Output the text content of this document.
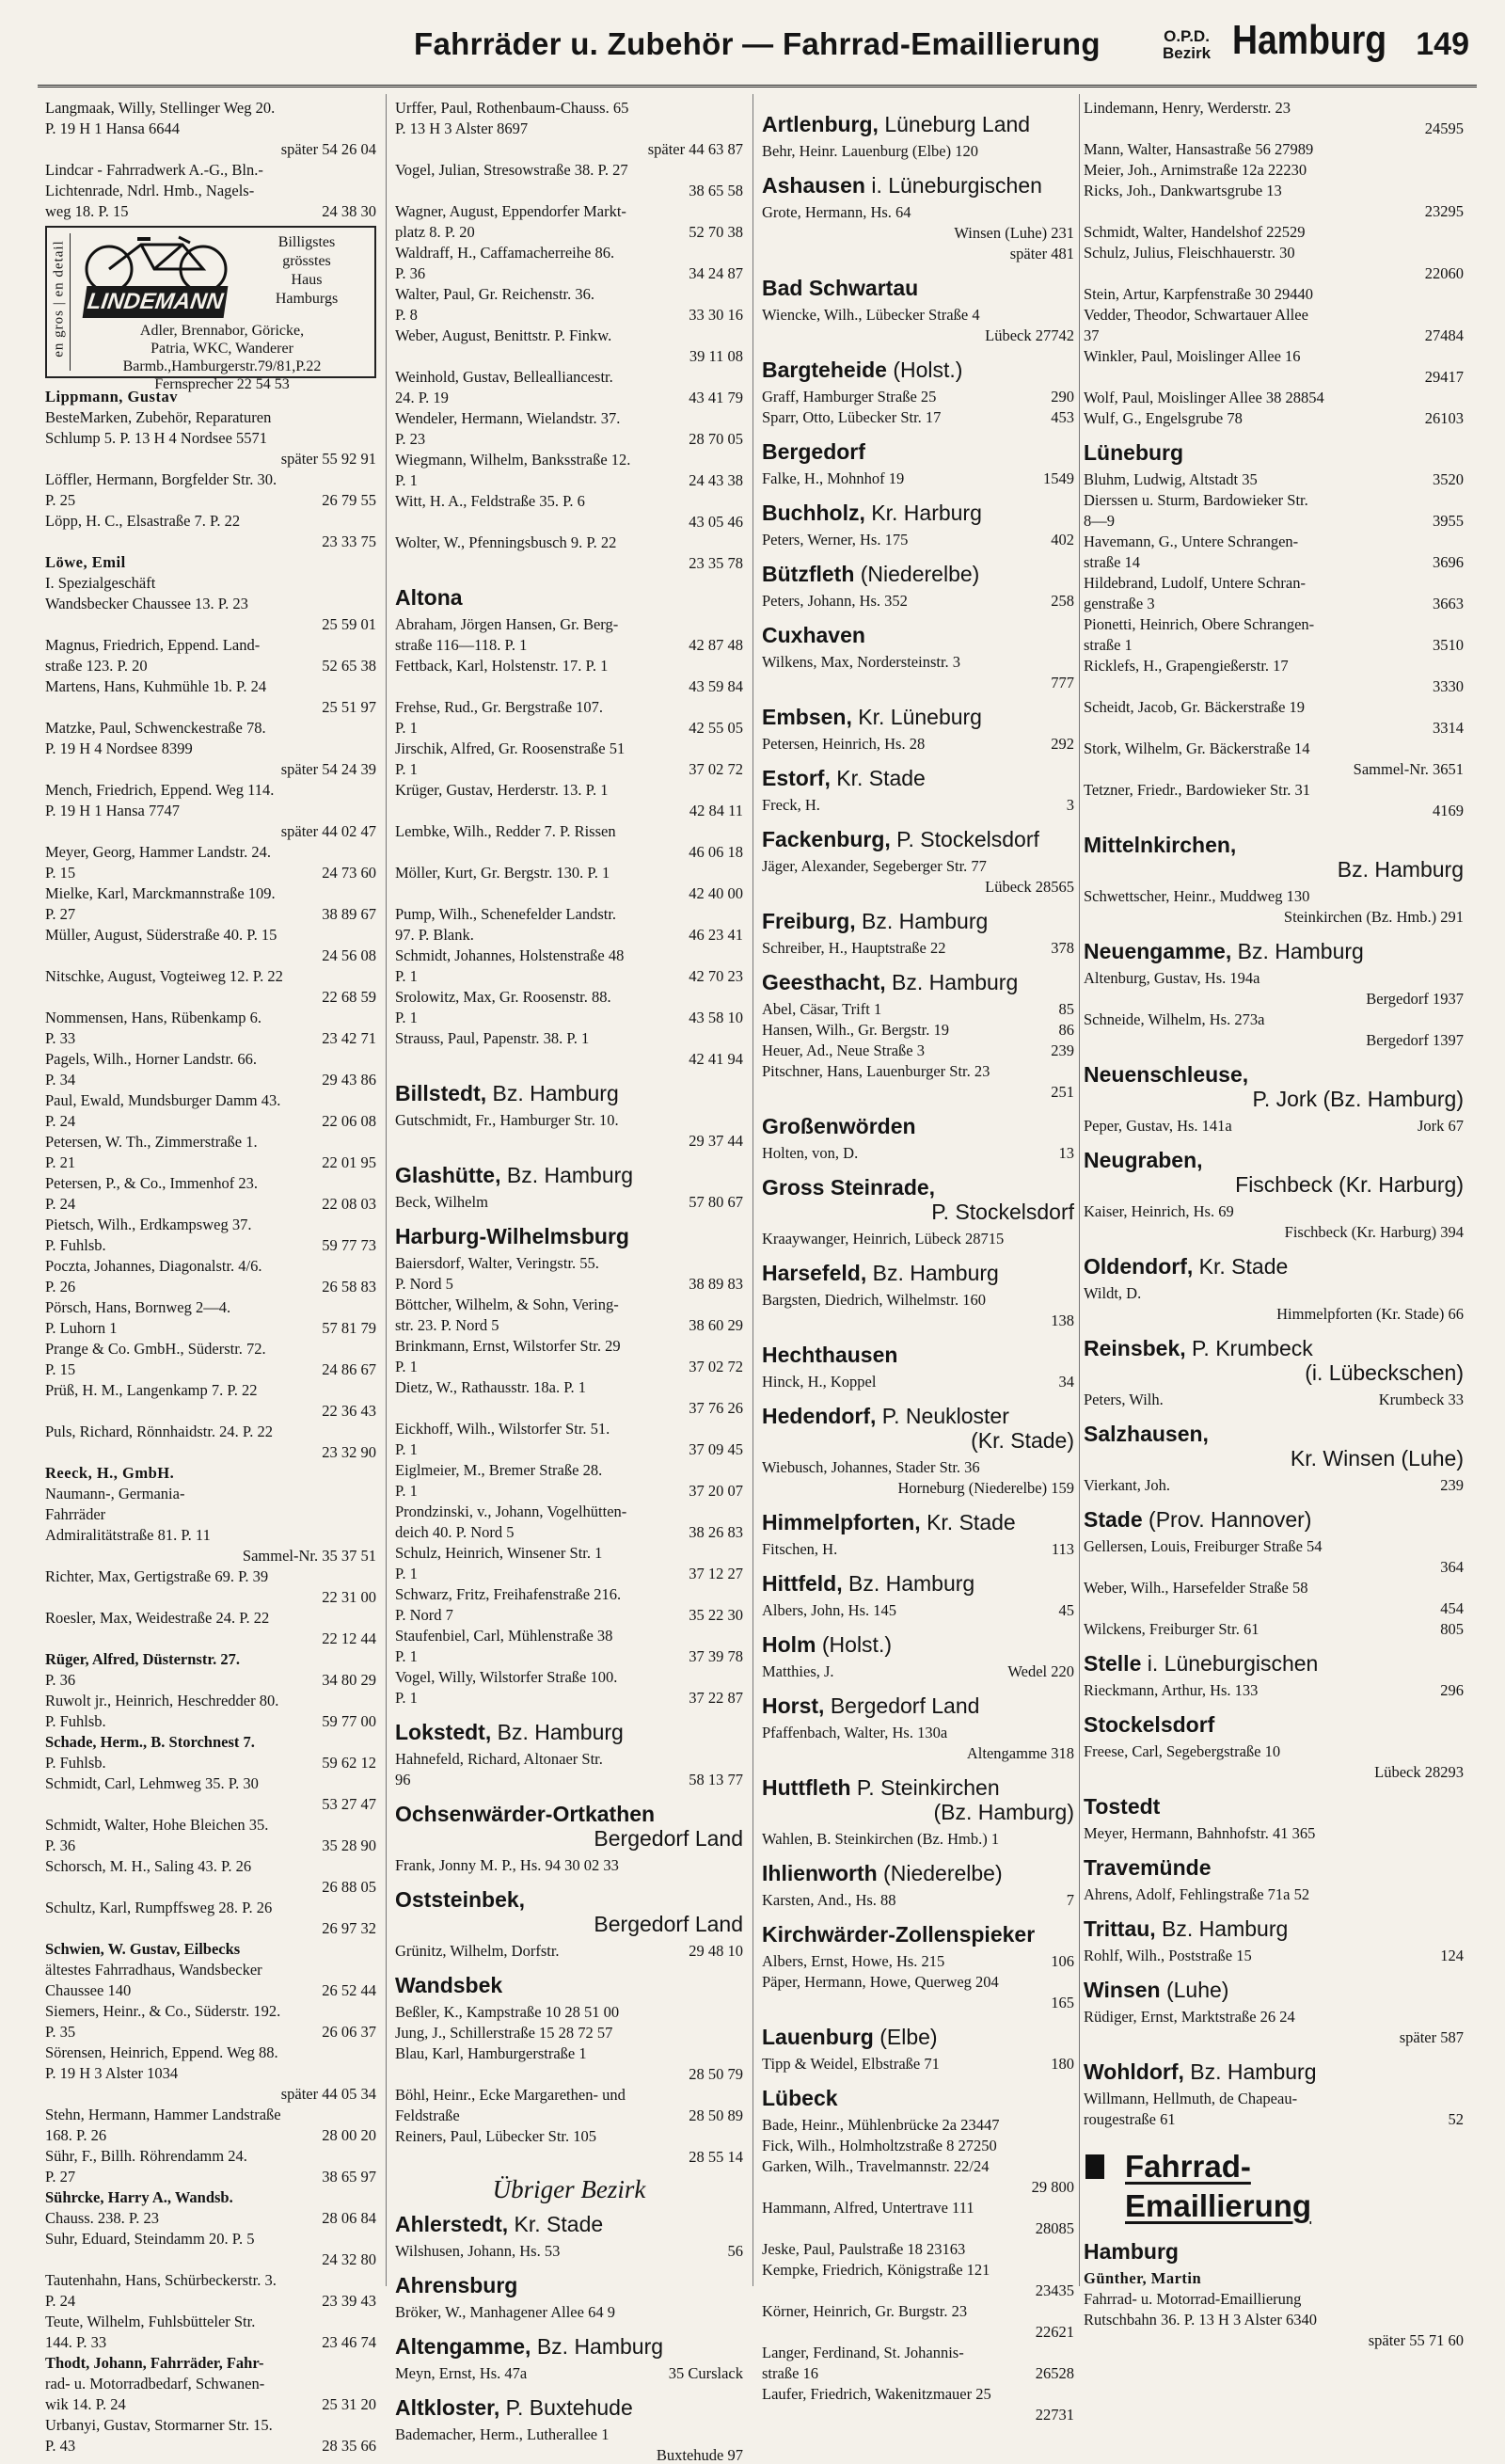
Fahrräder u. Zubehör — Fahrrad-Emaillierung	O.P.D.
Bezirk Hamburg 149
Langmaak, Willy, Stellinger Weg 20.
P. 19 H 1 Hansa 6644
später 54 26 04
Lindcar - Fahrradwerk A.-G., Bln.-
Lichtenrade, Ndrl. Hmb., Nagels-
weg 18. P. 15	24 38 30
en gros | en detail LINDEMANN
Billigstes
grösstes
Haus
Hamburgs
Adler, Brennabor, Göricke,
Patria, WKC, Wanderer
Barmb.,Hamburgerstr.79/81,P.22
Fernsprecher 22 54 53
Lippmann, Gustav
BesteMarken, Zubehör, Reparaturen
Schlump 5. P. 13 H 4 Nordsee 5571
später 55 92 91
Löffler, Hermann, Borgfelder Str. 30.
P. 25	26 79 55
Löpp, H. C., Elsastraße 7. P. 22
23 33 75
Löwe, Emil
I. Spezialgeschäft
Wandsbecker Chaussee 13. P. 23
25 59 01
Magnus, Friedrich, Eppend. Land-
straße 123. P. 20	52 65 38
Martens, Hans, Kuhmühle 1b. P. 24
25 51 97
Matzke, Paul, Schwenckestraße 78.
P. 19 H 4 Nordsee 8399
später 54 24 39
Mench, Friedrich, Eppend. Weg 114.
P. 19 H 1 Hansa 7747
später 44 02 47
Meyer, Georg, Hammer Landstr. 24.
P. 15	24 73 60
Mielke, Karl, Marckmannstraße 109.
P. 27	38 89 67
Müller, August, Süderstraße 40. P. 15
24 56 08
Nitschke, August, Vogteiweg 12. P. 22
22 68 59
Nommensen, Hans, Rübenkamp 6.
P. 33	23 42 71
Pagels, Wilh., Horner Landstr. 66.
P. 34	29 43 86
Paul, Ewald, Mundsburger Damm 43.
P. 24	22 06 08
Petersen, W. Th., Zimmerstraße 1.
P. 21	22 01 95
Petersen, P., & Co., Immenhof 23.
P. 24	22 08 03
Pietsch, Wilh., Erdkampsweg 37.
P. Fuhlsb.	59 77 73
Poczta, Johannes, Diagonalstr. 4/6.
P. 26	26 58 83
Pörsch, Hans, Bornweg 2—4.
P. Luhorn 1	57 81 79
Prange & Co. GmbH., Süderstr. 72.
P. 15	24 86 67
Prüß, H. M., Langenkamp 7. P. 22
22 36 43
Puls, Richard, Rönnhaidstr. 24. P. 22
23 32 90
Reeck, H., GmbH.
Naumann-, Germania-
Fahrräder
Admiralitätstraße 81. P. 11
Sammel-Nr. 35 37 51
Richter, Max, Gertigstraße 69. P. 39
22 31 00
Roesler, Max, Weidestraße 24. P. 22
22 12 44
Rüger, Alfred, Düsternstr. 27.
P. 36	34 80 29
Ruwolt jr., Heinrich, Heschredder 80.
P. Fuhlsb.	59 77 00
Schade, Herm., B. Storchnest 7.
P. Fuhlsb.	59 62 12
Schmidt, Carl, Lehmweg 35. P. 30
53 27 47
Schmidt, Walter, Hohe Bleichen 35.
P. 36	35 28 90
Schorsch, M. H., Saling 43. P. 26
26 88 05
Schultz, Karl, Rumpffsweg 28. P. 26
26 97 32
Schwien, W. Gustav, Eilbecks
ältestes Fahrradhaus, Wandsbecker
Chaussee 140	26 52 44
Siemers, Heinr., & Co., Süderstr. 192.
P. 35	26 06 37
Sörensen, Heinrich, Eppend. Weg 88.
P. 19 H 3 Alster 1034
später 44 05 34
Stehn, Hermann, Hammer Landstraße
168. P. 26	28 00 20
Sühr, F., Billh. Röhrendamm 24.
P. 27	38 65 97
Sührcke, Harry A., Wandsb.
Chauss. 238. P. 23	28 06 84
Suhr, Eduard, Steindamm 20. P. 5
24 32 80
Tautenhahn, Hans, Schürbeckerstr. 3.
P. 24	23 39 43
Teute, Wilhelm, Fuhlsbütteler Str.
144. P. 33	23 46 74
Thodt, Johann, Fahrräder, Fahr-
rad- u. Motorradbedarf, Schwanen-
wik 14. P. 24	25 31 20
Urbanyi, Gustav, Stormarner Str. 15.
P. 43	28 35 66
Urffer, Paul, Rothenbaum-Chauss. 65
P. 13 H 3 Alster 8697
später 44 63 87
Vogel, Julian, Stresowstraße 38. P. 27
38 65 58
Wagner, August, Eppendorfer Markt-
platz 8. P. 20	52 70 38
Waldraff, H., Caffamacherreihe 86.
P. 36	34 24 87
Walter, Paul, Gr. Reichenstr. 36.
P. 8	33 30 16
Weber, August, Benittstr. P. Finkw.
39 11 08
Weinhold, Gustav, Bellealliancestr.
24. P. 19	43 41 79
Wendeler, Hermann, Wielandstr. 37.
P. 23	28 70 05
Wiegmann, Wilhelm, Banksstraße 12.
P. 1	24 43 38
Witt, H. A., Feldstraße 35. P. 6
43 05 46
Wolter, W., Pfenningsbusch 9. P. 22
23 35 78
Altona
Abraham, Jörgen Hansen, Gr. Berg-
straße 116—118. P. 1	42 87 48
Fettback, Karl, Holstenstr. 17. P. 1
43 59 84
Frehse, Rud., Gr. Bergstraße 107.
P. 1	42 55 05
Jirschik, Alfred, Gr. Roosenstraße 51
P. 1	37 02 72
Krüger, Gustav, Herderstr. 13. P. 1
42 84 11
Lembke, Wilh., Redder 7. P. Rissen
46 06 18
Möller, Kurt, Gr. Bergstr. 130. P. 1
42 40 00
Pump, Wilh., Schenefelder Landstr.
97. P. Blank.	46 23 41
Schmidt, Johannes, Holstenstraße 48
P. 1	42 70 23
Srolowitz, Max, Gr. Roosenstr. 88.
P. 1	43 58 10
Strauss, Paul, Papenstr. 38. P. 1
42 41 94
Billstedt, Bz. Hamburg
Gutschmidt, Fr., Hamburger Str. 10.
29 37 44
Glashütte, Bz. Hamburg
Beck, Wilhelm	57 80 67
Harburg-Wilhelmsburg
Baiersdorf, Walter, Veringstr. 55.
P. Nord 5	38 89 83
Böttcher, Wilhelm, & Sohn, Vering-
str. 23. P. Nord 5	38 60 29
Brinkmann, Ernst, Wilstorfer Str. 29
P. 1	37 02 72
Dietz, W., Rathausstr. 18a. P. 1
37 76 26
Eickhoff, Wilh., Wilstorfer Str. 51.
P. 1	37 09 45
Eiglmeier, M., Bremer Straße 28.
P. 1	37 20 07
Prondzinski, v., Johann, Vogelhütten-
deich 40. P. Nord 5	38 26 83
Schulz, Heinrich, Winsener Str. 1
P. 1	37 12 27
Schwarz, Fritz, Freihafenstraße 216.
P. Nord 7	35 22 30
Staufenbiel, Carl, Mühlenstraße 38
P. 1	37 39 78
Vogel, Willy, Wilstorfer Straße 100.
P. 1	37 22 87
Lokstedt, Bz. Hamburg
Hahnefeld, Richard, Altonaer Str.
96	58 13 77
Ochsenwärder-Ortkathen
Bergedorf Land
Frank, Jonny M. P., Hs. 94 30 02 33
Oststeinbek,
Bergedorf Land
Grünitz, Wilhelm, Dorfstr.	29 48 10
Wandsbek
Beßler, K., Kampstraße 10 28 51 00
Jung, J., Schillerstraße 15 28 72 57
Blau, Karl, Hamburgerstraße 1
28 50 79
Böhl, Heinr., Ecke Margarethen- und
Feldstraße	28 50 89
Reiners, Paul, Lübecker Str. 105
28 55 14
Übriger Bezirk
Ahlerstedt, Kr. Stade
Wilshusen, Johann, Hs. 53	56
Ahrensburg
Bröker, W., Manhagener Allee 64 9
Altengamme, Bz. Hamburg
Meyn, Ernst, Hs. 47a	35 Curslack
Altkloster, P. Buxtehude
Bademacher, Herm., Lutherallee 1
Buxtehude 97
Artlenburg, Lüneburg Land
Behr, Heinr. Lauenburg (Elbe) 120
Ashausen i. Lüneburgischen
Grote, Hermann, Hs. 64
Winsen (Luhe) 231
später 481
Bad Schwartau
Wiencke, Wilh., Lübecker Straße 4
Lübeck 27742
Bargteheide (Holst.)
Graff, Hamburger Straße 25	290
Sparr, Otto, Lübecker Str. 17	453
Bergedorf
Falke, H., Mohnhof 19	1549
Buchholz, Kr. Harburg
Peters, Werner, Hs. 175	402
Bützfleth (Niederelbe)
Peters, Johann, Hs. 352	258
Cuxhaven
Wilkens, Max, Nordersteinstr. 3
777
Embsen, Kr. Lüneburg
Petersen, Heinrich, Hs. 28	292
Estorf, Kr. Stade
Freck, H.	3
Fackenburg, P. Stockelsdorf
Jäger, Alexander, Segeberger Str. 77
Lübeck 28565
Freiburg, Bz. Hamburg
Schreiber, H., Hauptstraße 22	378
Geesthacht, Bz. Hamburg
Abel, Cäsar, Trift 1	85
Hansen, Wilh., Gr. Bergstr. 19	86
Heuer, Ad., Neue Straße 3	239
Pitschner, Hans, Lauenburger Str. 23
251
Großenwörden
Holten, von, D.	13
Gross Steinrade,
P. Stockelsdorf
Kraaywanger, Heinrich, Lübeck 28715
Harsefeld, Bz. Hamburg
Bargsten, Diedrich, Wilhelmstr. 160
138
Hechthausen
Hinck, H., Koppel	34
Hedendorf, P. Neukloster
(Kr. Stade)
Wiebusch, Johannes, Stader Str. 36
Horneburg (Niederelbe) 159
Himmelpforten, Kr. Stade
Fitschen, H.	113
Hittfeld, Bz. Hamburg
Albers, John, Hs. 145	45
Holm (Holst.)
Matthies, J.	Wedel 220
Horst, Bergedorf Land
Pfaffenbach, Walter, Hs. 130a
Altengamme 318
Huttfleth P. Steinkirchen
(Bz. Hamburg)
Wahlen, B. Steinkirchen (Bz. Hmb.) 1
Ihlienworth (Niederelbe)
Karsten, And., Hs. 88	7
Kirchwärder-Zollenspieker
Albers, Ernst, Howe, Hs. 215	106
Päper, Hermann, Howe, Querweg 204
165
Lauenburg (Elbe)
Tipp & Weidel, Elbstraße 71	180
Lübeck
Bade, Heinr., Mühlenbrücke 2a 23447
Fick, Wilh., Holmholtzstraße 8 27250
Garken, Wilh., Travelmannstr. 22/24
29 800
Hammann, Alfred, Untertrave 111
28085
Jeske, Paul, Paulstraße 18 23163
Kempke, Friedrich, Königstraße 121
23435
Körner, Heinrich, Gr. Burgstr. 23
22621
Langer, Ferdinand, St. Johannis-
straße 16	26528
Laufer, Friedrich, Wakenitzmauer 25
22731
Lindemann, Henry, Werderstr. 23
24595
Mann, Walter, Hansastraße 56 27989
Meier, Joh., Arnimstraße 12a 22230
Ricks, Joh., Dankwartsgrube 13
23295
Schmidt, Walter, Handelshof 22529
Schulz, Julius, Fleischhauerstr. 30
22060
Stein, Artur, Karpfenstraße 30 29440
Vedder, Theodor, Schwartauer Allee
37	27484
Winkler, Paul, Moislinger Allee 16
29417
Wolf, Paul, Moislinger Allee 38 28854
Wulf, G., Engelsgrube 78	26103
Lüneburg
Bluhm, Ludwig, Altstadt 35	3520
Dierssen u. Sturm, Bardowieker Str.
8—9	3955
Havemann, G., Untere Schrangen-
straße 14	3696
Hildebrand, Ludolf, Untere Schran-
genstraße 3	3663
Pionetti, Heinrich, Obere Schrangen-
straße 1	3510
Ricklefs, H., Grapengießerstr. 17
3330
Scheidt, Jacob, Gr. Bäckerstraße 19
3314
Stork, Wilhelm, Gr. Bäckerstraße 14
Sammel-Nr. 3651
Tetzner, Friedr., Bardowieker Str. 31
4169
Mittelnkirchen,
Bz. Hamburg
Schwettscher, Heinr., Muddweg 130
Steinkirchen (Bz. Hmb.) 291
Neuengamme, Bz. Hamburg
Altenburg, Gustav, Hs. 194a
Bergedorf 1937
Schneide, Wilhelm, Hs. 273a
Bergedorf 1397
Neuenschleuse,
P. Jork (Bz. Hamburg)
Peper, Gustav, Hs. 141a	Jork 67
Neugraben,
Fischbeck (Kr. Harburg)
Kaiser, Heinrich, Hs. 69
Fischbeck (Kr. Harburg) 394
Oldendorf, Kr. Stade
Wildt, D.
Himmelpforten (Kr. Stade) 66
Reinsbek, P. Krumbeck
(i. Lübeckschen)
Peters, Wilh.	Krumbeck 33
Salzhausen,
Kr. Winsen (Luhe)
Vierkant, Joh.	239
Stade (Prov. Hannover)
Gellersen, Louis, Freiburger Straße 54
364
Weber, Wilh., Harsefelder Straße 58
454
Wilckens, Freiburger Str. 61	805
Stelle i. Lüneburgischen
Rieckmann, Arthur, Hs. 133	296
Stockelsdorf
Freese, Carl, Segebergstraße 10
Lübeck 28293
Tostedt
Meyer, Hermann, Bahnhofstr. 41 365
Travemünde
Ahrens, Adolf, Fehlingstraße 71a 52
Trittau, Bz. Hamburg
Rohlf, Wilh., Poststraße 15	124
Winsen (Luhe)
Rüdiger, Ernst, Marktstraße 26 24
später 587
Wohldorf, Bz. Hamburg
Willmann, Hellmuth, de Chapeau-
rougestraße 61	52
Fahrrad-
Emaillierung
Hamburg
Günther, Martin
Fahrrad- u. Motorrad-Emaillierung
Rutschbahn 36. P. 13 H 3 Alster 6340
später 55 71 60
